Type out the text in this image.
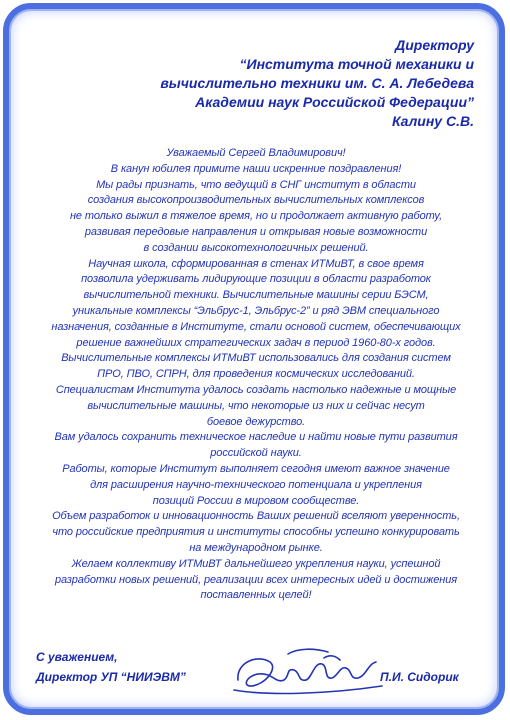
Директору
“Института точной механики и
вычислительно техники им. С. А. Лебедева
Академии наук Российской Федерации”
Калину С.В.
Уважаемый Сергей Владимирович!
В канун юбилея примите наши искренние поздравления!
Мы рады признать, что ведущий в СНГ институт в области
создания высокопроизводительных вычислительных комплексов
не только выжил в тяжелое время, но и продолжает активную работу,
развивая передовые направления и открывая новые возможности
в создании высокотехнологичных решений.
Научная школа, сформированная в стенах ИТМиВТ, в свое время
позволила удерживать лидирующие позиции в области разработок
вычислительной техники. Вычислительные машины серии БЭСМ,
уникальные комплексы “Эльбрус-1, Эльбрус-2” и ряд ЭВМ специального
назначения, созданные в Институте, стали основой систем, обеспечивающих
решение важнейших стратегических задач в период 1960-80-х годов.
Вычислительные комплексы ИТМиВТ использовались для создания систем
ПРО, ПВО, СПРН, для проведения космических исследований.
Специалистам Института удалось создать настолько надежные и мощные
вычислительные машины, что некоторые из них и сейчас несут
боевое дежурство.
Вам удалось сохранить техническое наследие и найти новые пути развития
российской науки.
Работы, которые Институт выполняет сегодня имеют важное значение
для расширения научно-технического потенциала и укрепления
позиций России в мировом сообществе.
Объем разработок и инновационность Ваших решений вселяют уверенность,
что российские предприятия и институты способны успешно конкурировать
на международном рынке.
Желаем коллективу ИТМиВТ дальнейшего укрепления науки, успешной
разработки новых решений, реализации всех интересных идей и достижения
поставленных целей!
С уважением,
Директор УП “НИИЭВМ”	П.И. Сидорик
